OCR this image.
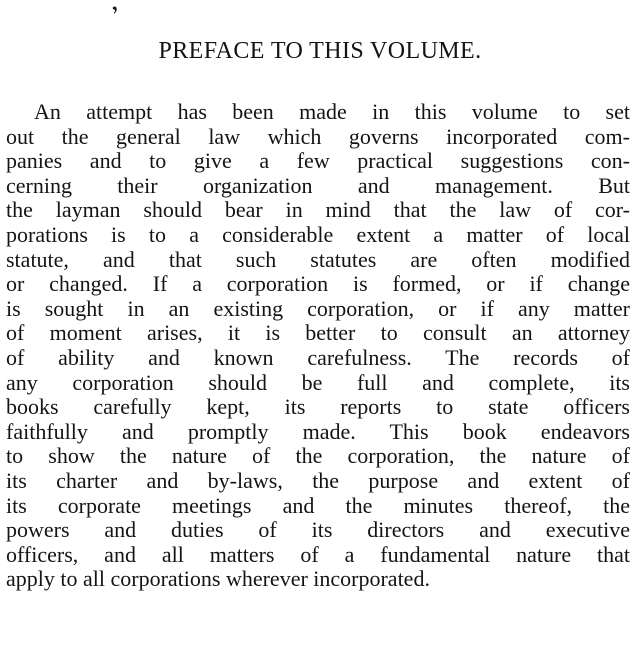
’
PREFACE TO THIS VOLUME.
An attempt has been made in this volume to set
out the general law which governs incorporated com-
panies and to give a few practical suggestions con-
cerning their organization and management. But
the layman should bear in mind that the law of cor-
porations is to a considerable extent a matter of local
statute, and that such statutes are often modified
or changed. If a corporation is formed, or if change
is sought in an existing corporation, or if any matter
of moment arises, it is better to consult an attorney
of ability and known carefulness. The records of
any corporation should be full and complete, its
books carefully kept, its reports to state officers
faithfully and promptly made. This book endeavors
to show the nature of the corporation, the nature of
its charter and by-laws, the purpose and extent of
its corporate meetings and the minutes thereof, the
powers and duties of its directors and executive
officers, and all matters of a fundamental nature that
apply to all corporations wherever incorporated.
